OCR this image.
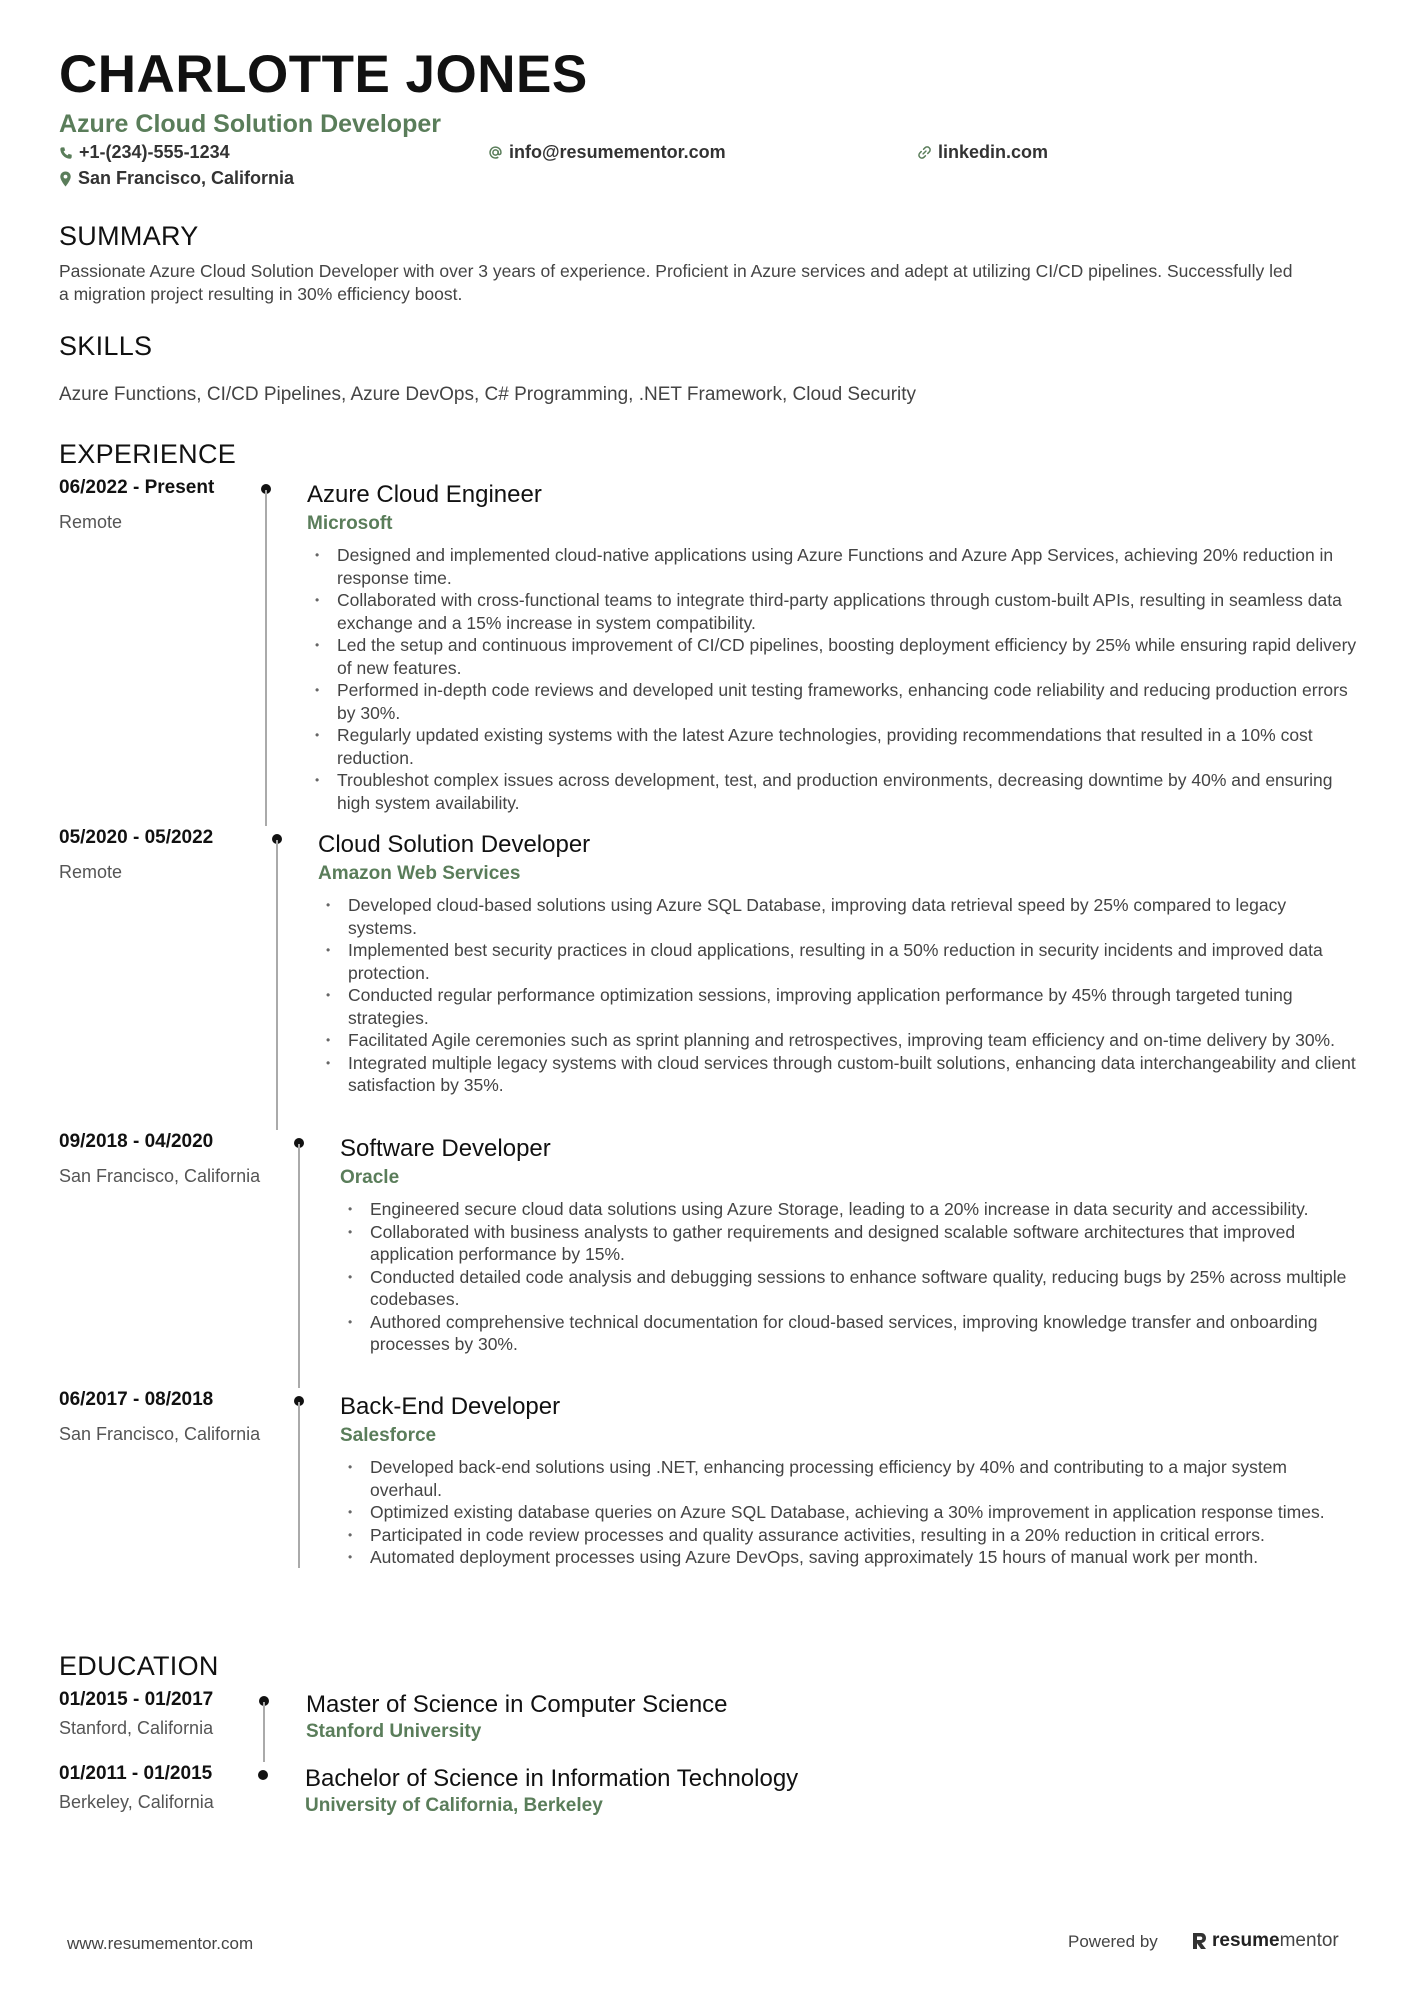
CHARLOTTE JONES
Azure Cloud Solution Developer
+1-(234)-555-1234	info@resumementor.com	linkedin.com
San Francisco, California
SUMMARY
Passionate Azure Cloud Solution Developer with over 3 years of experience. Proficient in Azure services and adept at utilizing CI/CD pipelines. Successfully led a migration project resulting in 30% efficiency boost.
SKILLS
Azure Functions, CI/CD Pipelines, Azure DevOps, C# Programming, .NET Framework, Cloud Security
EXPERIENCE
06/2022 - Present
Remote
Azure Cloud Engineer
Microsoft
• Designed and implemented cloud-native applications using Azure Functions and Azure App Services, achieving 20% reduction in response time.
• Collaborated with cross-functional teams to integrate third-party applications through custom-built APIs, resulting in seamless data exchange and a 15% increase in system compatibility.
• Led the setup and continuous improvement of CI/CD pipelines, boosting deployment efficiency by 25% while ensuring rapid delivery of new features.
• Performed in-depth code reviews and developed unit testing frameworks, enhancing code reliability and reducing production errors by 30%.
• Regularly updated existing systems with the latest Azure technologies, providing recommendations that resulted in a 10% cost reduction.
• Troubleshot complex issues across development, test, and production environments, decreasing downtime by 40% and ensuring high system availability.
05/2020 - 05/2022
Remote
Cloud Solution Developer
Amazon Web Services
• Developed cloud-based solutions using Azure SQL Database, improving data retrieval speed by 25% compared to legacy systems.
• Implemented best security practices in cloud applications, resulting in a 50% reduction in security incidents and improved data protection.
• Conducted regular performance optimization sessions, improving application performance by 45% through targeted tuning strategies.
• Facilitated Agile ceremonies such as sprint planning and retrospectives, improving team efficiency and on-time delivery by 30%.
• Integrated multiple legacy systems with cloud services through custom-built solutions, enhancing data interchangeability and client satisfaction by 35%.
09/2018 - 04/2020
San Francisco, California
Software Developer
Oracle
• Engineered secure cloud data solutions using Azure Storage, leading to a 20% increase in data security and accessibility.
• Collaborated with business analysts to gather requirements and designed scalable software architectures that improved application performance by 15%.
• Conducted detailed code analysis and debugging sessions to enhance software quality, reducing bugs by 25% across multiple codebases.
• Authored comprehensive technical documentation for cloud-based services, improving knowledge transfer and onboarding processes by 30%.
06/2017 - 08/2018
San Francisco, California
Back-End Developer
Salesforce
• Developed back-end solutions using .NET, enhancing processing efficiency by 40% and contributing to a major system overhaul.
• Optimized existing database queries on Azure SQL Database, achieving a 30% improvement in application response times.
• Participated in code review processes and quality assurance activities, resulting in a 20% reduction in critical errors.
• Automated deployment processes using Azure DevOps, saving approximately 15 hours of manual work per month.
EDUCATION
01/2015 - 01/2017
Stanford, California
Master of Science in Computer Science
Stanford University
01/2011 - 01/2015
Berkeley, California
Bachelor of Science in Information Technology
University of California, Berkeley
www.resumementor.com	Powered by	resume mentor
